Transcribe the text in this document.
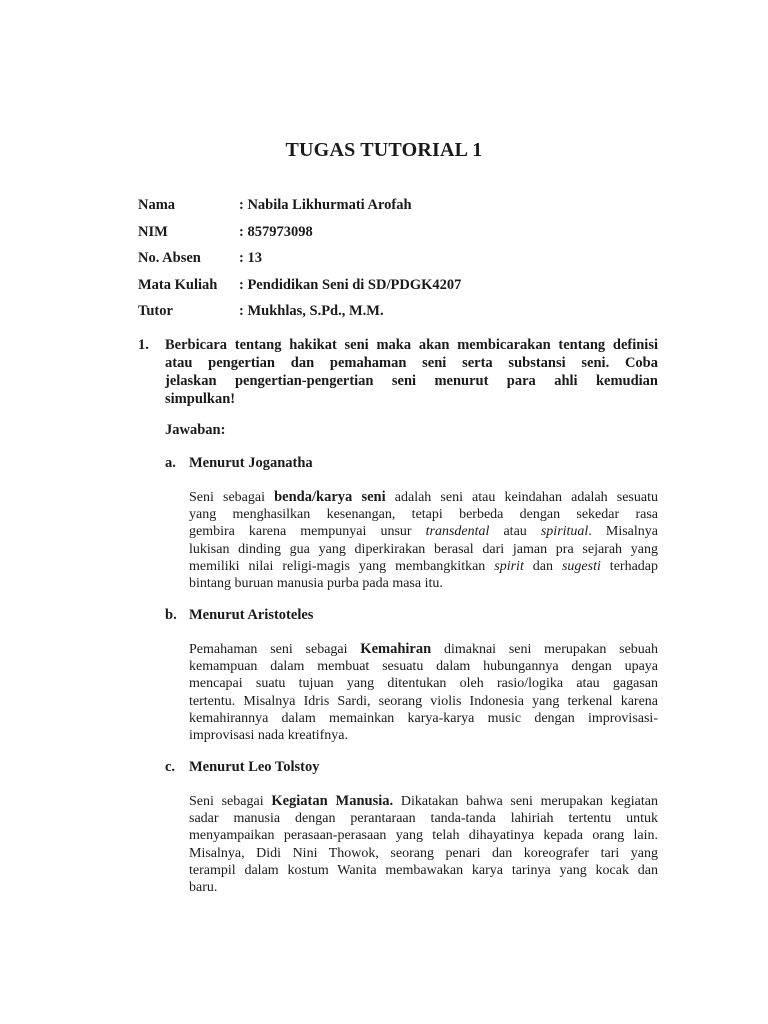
TUGAS TUTORIAL 1
Nama	: Nabila Likhurmati Arofah
NIM	: 857973098
No. Absen	: 13
Mata Kuliah : Pendidikan Seni di SD/PDGK4207
Tutor	: Mukhlas, S.Pd., M.M.
1. Berbicara tentang hakikat seni maka akan membicarakan tentang definisi
atau pengertian dan pemahaman seni serta substansi seni. Coba
jelaskan pengertian-pengertian seni menurut para ahli kemudian
simpulkan!
Jawaban:
a. Menurut Joganatha
Seni sebagai benda/karya seni adalah seni atau keindahan adalah sesuatu
yang menghasilkan kesenangan, tetapi berbeda dengan sekedar rasa
gembira karena mempunyai unsur transdental atau spiritual. Misalnya
lukisan dinding gua yang diperkirakan berasal dari jaman pra sejarah yang
memiliki nilai religi-magis yang membangkitkan spirit dan sugesti terhadap
bintang buruan manusia purba pada masa itu.
b. Menurut Aristoteles
Pemahaman seni sebagai Kemahiran dimaknai seni merupakan sebuah
kemampuan dalam membuat sesuatu dalam hubungannya dengan upaya
mencapai suatu tujuan yang ditentukan oleh rasio/logika atau gagasan
tertentu. Misalnya Idris Sardi, seorang violis Indonesia yang terkenal karena
kemahirannya dalam memainkan karya-karya music dengan improvisasi-
improvisasi nada kreatifnya.
c. Menurut Leo Tolstoy
Seni sebagai Kegiatan Manusia. Dikatakan bahwa seni merupakan kegiatan
sadar manusia dengan perantaraan tanda-tanda lahiriah tertentu untuk
menyampaikan perasaan-perasaan yang telah dihayatinya kepada orang lain.
Misalnya, Didi Nini Thowok, seorang penari dan koreografer tari yang
terampil dalam kostum Wanita membawakan karya tarinya yang kocak dan
baru.
